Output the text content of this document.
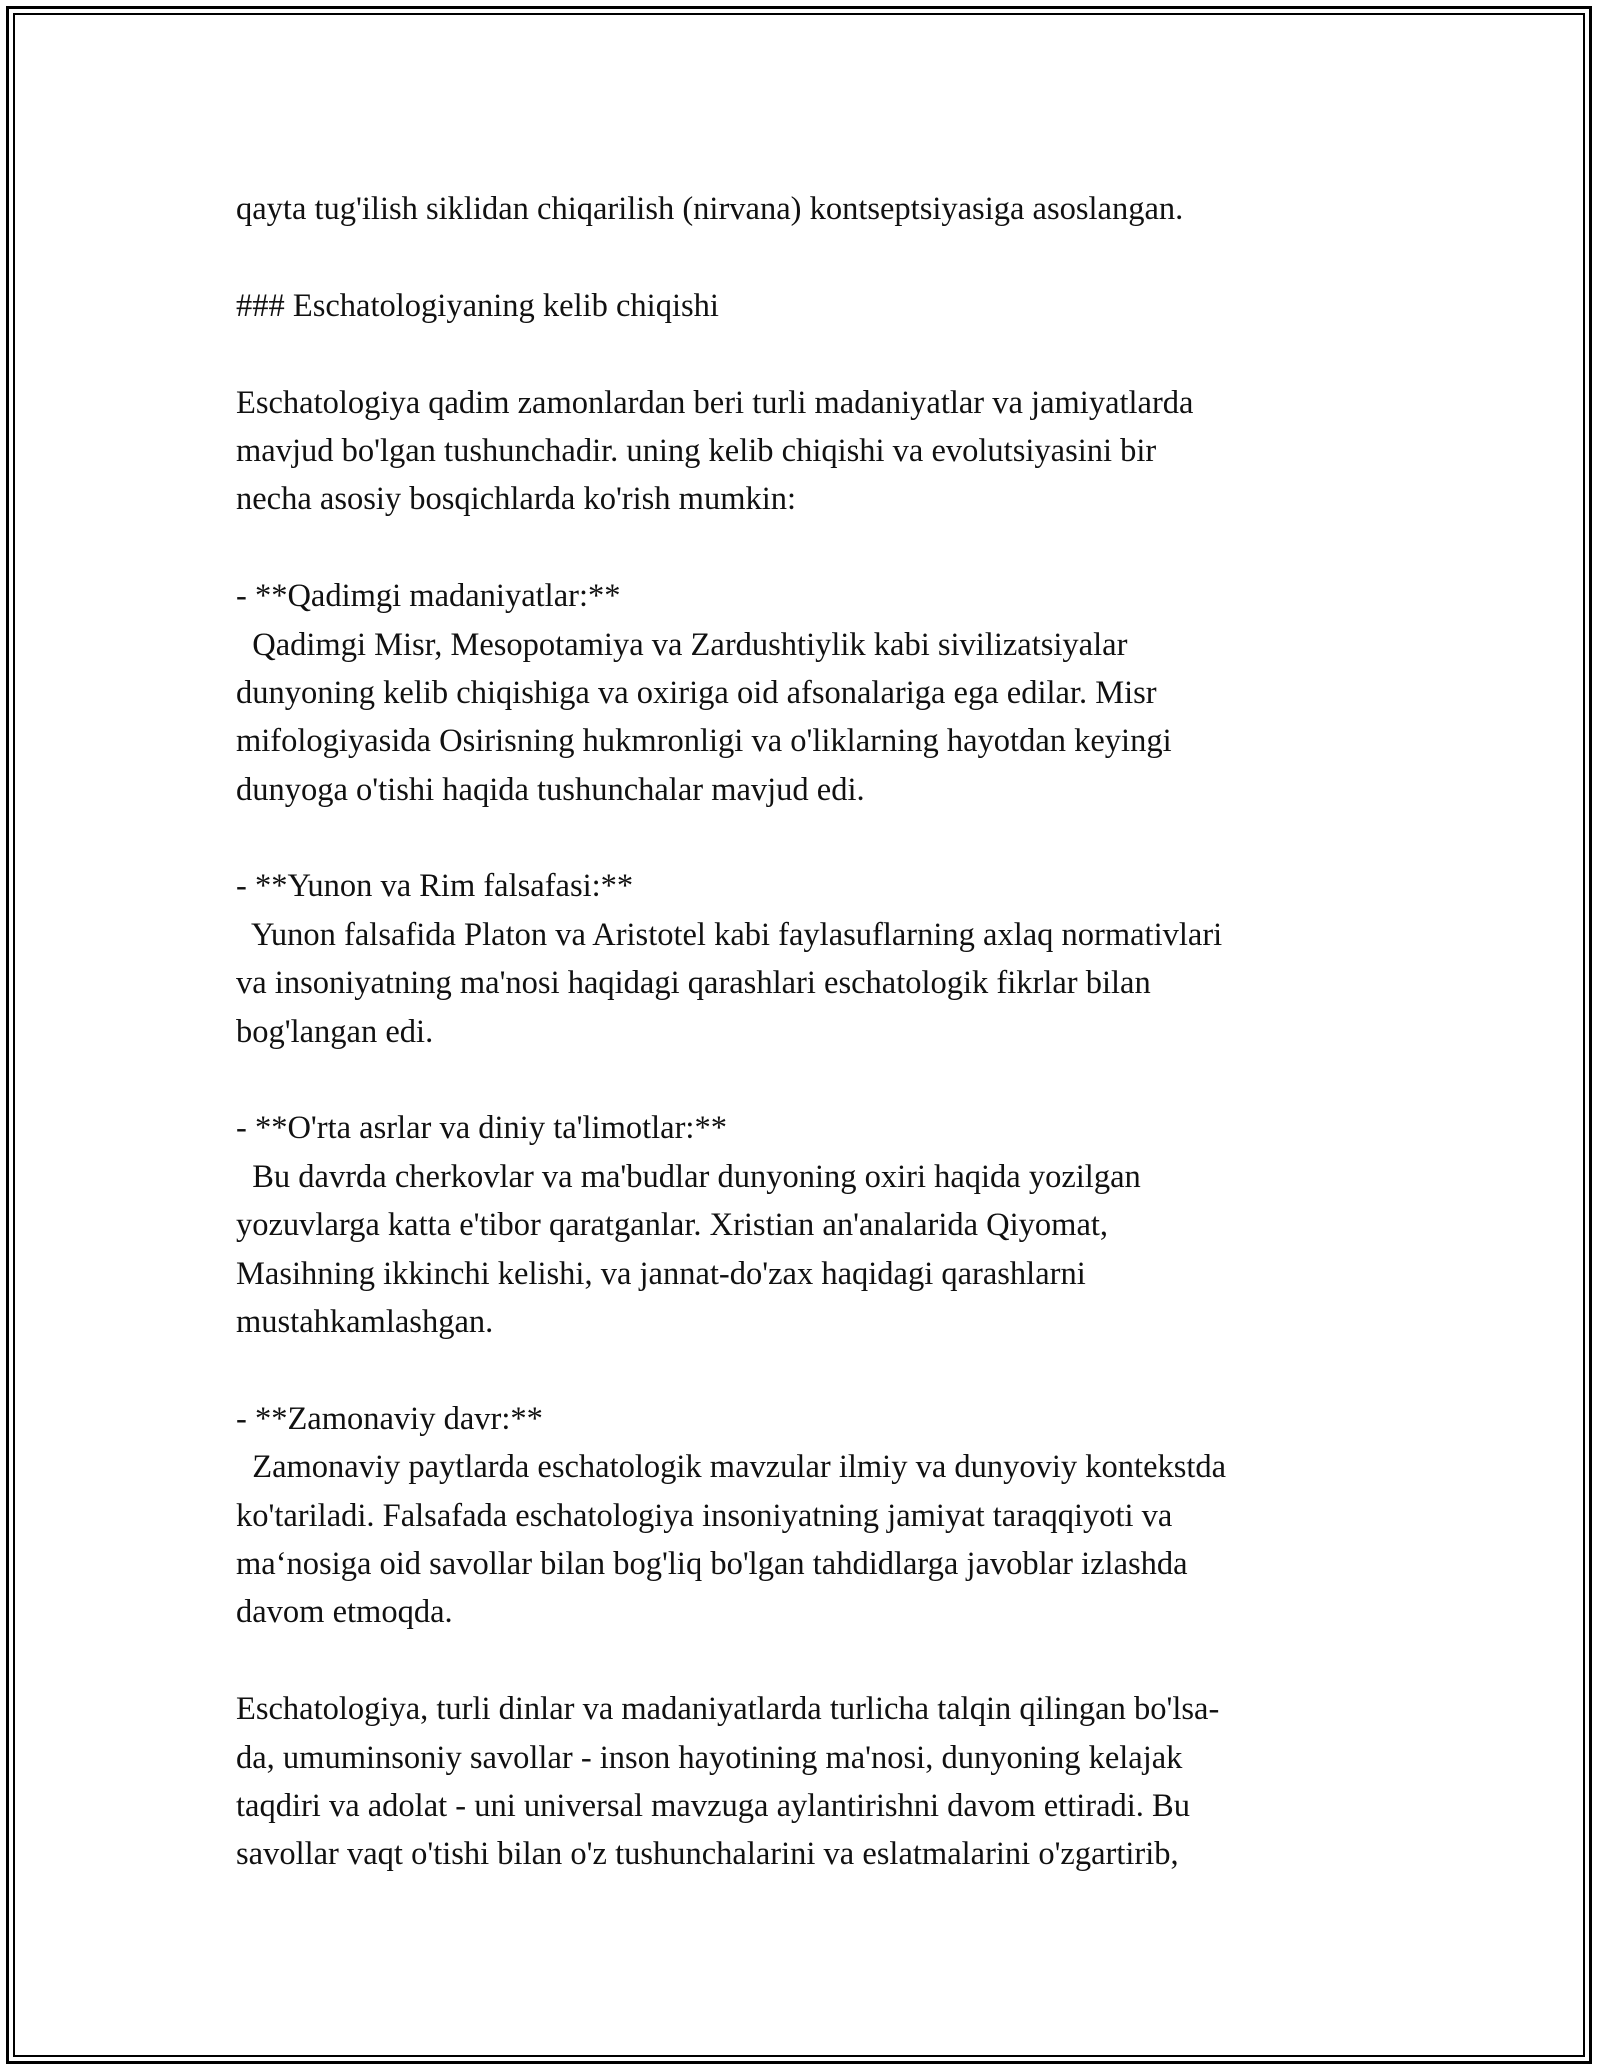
qayta tug'ilish siklidan chiqarilish (nirvana) kontseptsiyasiga asoslangan.
### Eschatologiyaning kelib chiqishi
Eschatologiya qadim zamonlardan beri turli madaniyatlar va jamiyatlarda
mavjud bo'lgan tushunchadir. uning kelib chiqishi va evolutsiyasini bir
necha asosiy bosqichlarda ko'rish mumkin:
- **Qadimgi madaniyatlar:**
Qadimgi Misr, Mesopotamiya va Zardushtiylik kabi sivilizatsiyalar
dunyoning kelib chiqishiga va oxiriga oid afsonalariga ega edilar. Misr
mifologiyasida Osirisning hukmronligi va o'liklarning hayotdan keyingi
dunyoga o'tishi haqida tushunchalar mavjud edi.
- **Yunon va Rim falsafasi:**
Yunon falsafida Platon va Aristotel kabi faylasuflarning axlaq normativlari
va insoniyatning ma'nosi haqidagi qarashlari eschatologik fikrlar bilan
bog'langan edi.
- **O'rta asrlar va diniy ta'limotlar:**
Bu davrda cherkovlar va ma'budlar dunyoning oxiri haqida yozilgan
yozuvlarga katta e'tibor qaratganlar. Xristian an'analarida Qiyomat,
Masihning ikkinchi kelishi, va jannat-do'zax haqidagi qarashlarni
mustahkamlashgan.
- **Zamonaviy davr:**
Zamonaviy paytlarda eschatologik mavzular ilmiy va dunyoviy kontekstda
ko'tariladi. Falsafada eschatologiya insoniyatning jamiyat taraqqiyoti va
ma‘nosiga oid savollar bilan bog'liq bo'lgan tahdidlarga javoblar izlashda
davom etmoqda.
Eschatologiya, turli dinlar va madaniyatlarda turlicha talqin qilingan bo'lsa-
da, umuminsoniy savollar - inson hayotining ma'nosi, dunyoning kelajak
taqdiri va adolat - uni universal mavzuga aylantirishni davom ettiradi. Bu
savollar vaqt o'tishi bilan o'z tushunchalarini va eslatmalarini o'zgartirib,
